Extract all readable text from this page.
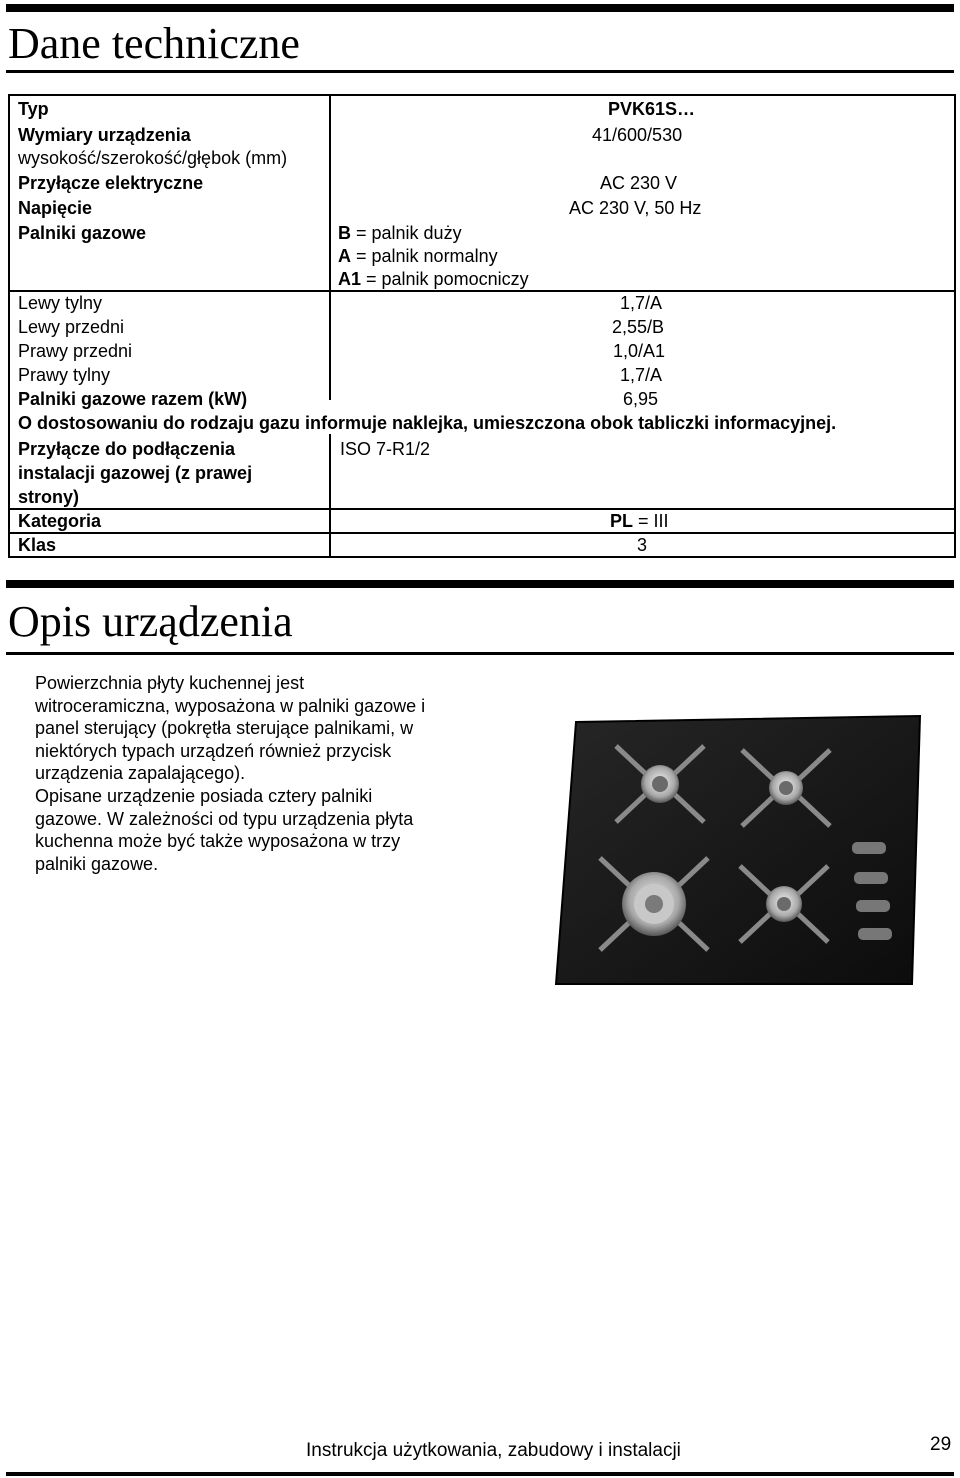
Dane techniczne
Typ
Wymiary urządzenia
wysokość/szerokość/głębok (mm)
Przyłącze elektryczne
Napięcie
Palniki gazowe
Lewy tylny
Lewy przedni
Prawy przedni
Prawy tylny
Palniki gazowe razem (kW)
O dostosowaniu do rodzaju gazu informuje naklejka, umieszczona obok tabliczki informacyjnej.
Przyłącze do podłączenia
instalacji gazowej (z prawej
strony)
Kategoria
Klas
PVK61S…
41/600/530
AC 230 V
AC 230 V, 50 Hz
B = palnik duży
A = palnik normalny
A1 = palnik pomocniczy
1,7/A
2,55/B
1,0/A1
1,7/A
6,95
ISO 7-R1/2
PL = III
3
Opis urządzenia

Powierzchnia płyty kuchennej jest
witroceramiczna, wyposażona w palniki gazowe i
panel sterujący (pokrętła sterujące palnikami, w
niektórych typach urządzeń również przycisk
urządzenia zapalającego).

Opisane urządzenie posiada cztery palniki
gazowe. W zależności od typu urządzenia płyta
kuchenna może być także wyposażona w trzy
palniki gazowe.

Instrukcja użytkowania, zabudowy i instalacji	29
